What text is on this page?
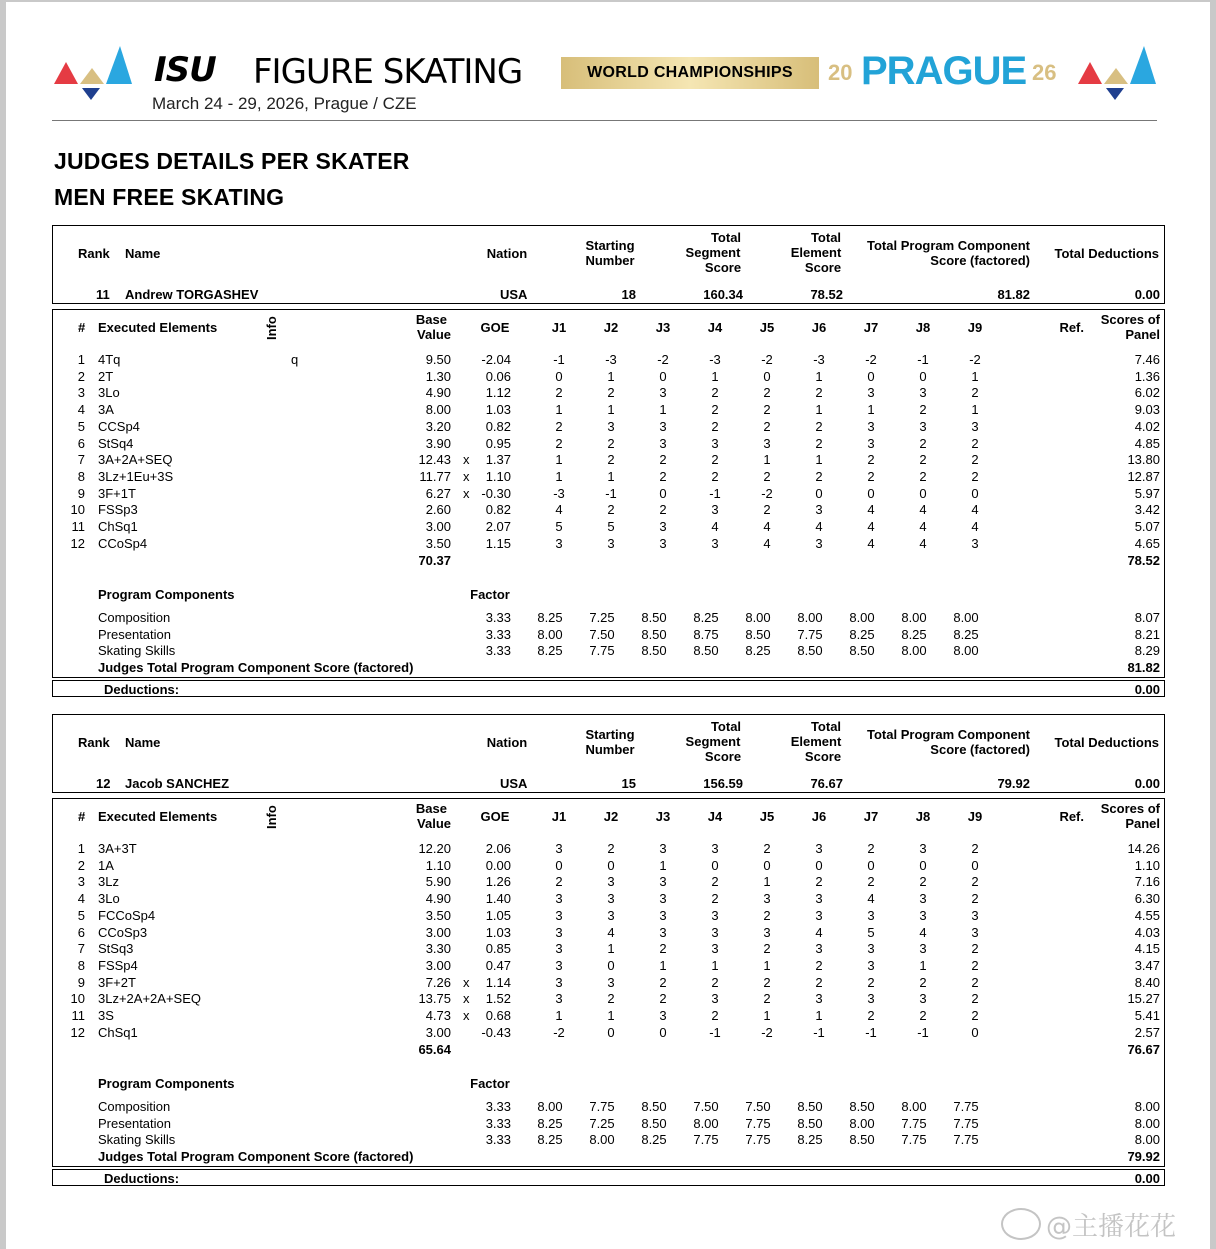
ISU FIGURE SKATING
March 24 - 29, 2026, Prague / CZE
WORLD CHAMPIONSHIPS	20 PRAGUE 26
JUDGES DETAILS PER SKATER
MEN FREE SKATING
Rank Name	Nation
Starting
Number
Total
Segment
Score
Total
Element
Score
Total Program Component
Score (factored) Total Deductions
11 Andrew TORGASHEV	USA	18	160.34	78.52	81.82	0.00
# Executed Elements	Info	Base
Value	GOE	J1	J2	J3	J4	J5	J6	J7	J8	J9	Ref.
Scores of
Panel
1 4Tq	q	9.50 -2.04	-1	-3	-2	-3	-2	-3	-2	-1	-2	7.46
2 2T	1.30	0.06	0	1	0	1	0	1	0	0	1	1.36
3 3Lo	4.90	1.12	2	2	3	2	2	2	3	3	2	6.02
4 3A	8.00	1.03	1	1	1	2	2	1	1	2	1	9.03
5 CCSp4	3.20	0.82	2	3	3	2	2	2	3	3	3	4.02
6 StSq4	3.90	0.95	2	2	3	3	3	2	3	2	2	4.85
7 3A+2A+SEQ	12.43 x 1.37	1	2	2	2	1	1	2	2	2	13.80
8 3Lz+1Eu+3S	11.77 x 1.10	1	1	2	2	2	2	2	2	2	12.87
9 3F+1T	6.27 x -0.30	-3	-1	0	-1	-2	0	0	0	0	5.97
10 FSSp3	2.60	0.82	4	2	2	3	2	3	4	4	4	3.42
11 ChSq1	3.00	2.07	5	5	3	4	4	4	4	4	4	5.07
12 CCoSp4	3.50	1.15	3	3	3	3	4	3	4	4	3	4.65
70.37	78.52
Program Components	Factor
Composition	3.33	8.25	7.25	8.50	8.25	8.00	8.00	8.00	8.00	8.00	8.07
Presentation	3.33	8.00	7.50	8.50	8.75	8.50	7.75	8.25	8.25	8.25	8.21
Skating Skills	3.33	8.25	7.75	8.50	8.50	8.25	8.50	8.50	8.00	8.00	8.29
Judges Total Program Component Score (factored)	81.82
Deductions:	0.00
Rank Name	Nation
Starting
Number
Total
Segment
Score
Total
Element
Score
Total Program Component
Score (factored) Total Deductions
12 Jacob SANCHEZ	USA	15	156.59	76.67	79.92	0.00
# Executed Elements	Info	Base
Value	GOE	J1	J2	J3	J4	J5	J6	J7	J8	J9	Ref.
Scores of
Panel
1 3A+3T	12.20	2.06	3	2	3	3	2	3	2	3	2	14.26
2 1A	1.10	0.00	0	0	1	0	0	0	0	0	0	1.10
3 3Lz	5.90	1.26	2	3	3	2	1	2	2	2	2	7.16
4 3Lo	4.90	1.40	3	3	3	2	3	3	4	3	2	6.30
5 FCCoSp4	3.50	1.05	3	3	3	3	2	3	3	3	3	4.55
6 CCoSp3	3.00	1.03	3	4	3	3	3	4	5	4	3	4.03
7 StSq3	3.30	0.85	3	1	2	3	2	3	3	3	2	4.15
8 FSSp4	3.00	0.47	3	0	1	1	1	2	3	1	2	3.47
9 3F+2T	7.26 x 1.14	3	3	2	2	2	2	2	2	2	8.40
10 3Lz+2A+2A+SEQ	13.75 x 1.52	3	2	2	3	2	3	3	3	2	15.27
11 3S	4.73 x 0.68	1	1	3	2	1	1	2	2	2	5.41
12 ChSq1	3.00 -0.43	-2	0	0	-1	-2	-1	-1	-1	0	2.57
65.64	76.67
Program Components	Factor
Composition	3.33	8.00	7.75	8.50	7.50	7.50	8.50	8.50	8.00	7.75	8.00
Presentation	3.33	8.25	7.25	8.50	8.00	7.75	8.50	8.00	7.75	7.75	8.00
Skating Skills	3.33	8.25	8.00	8.25	7.75	7.75	8.25	8.50	7.75	7.75	8.00
Judges Total Program Component Score (factored)	79.92
Deductions:	0.00
@主播花花
